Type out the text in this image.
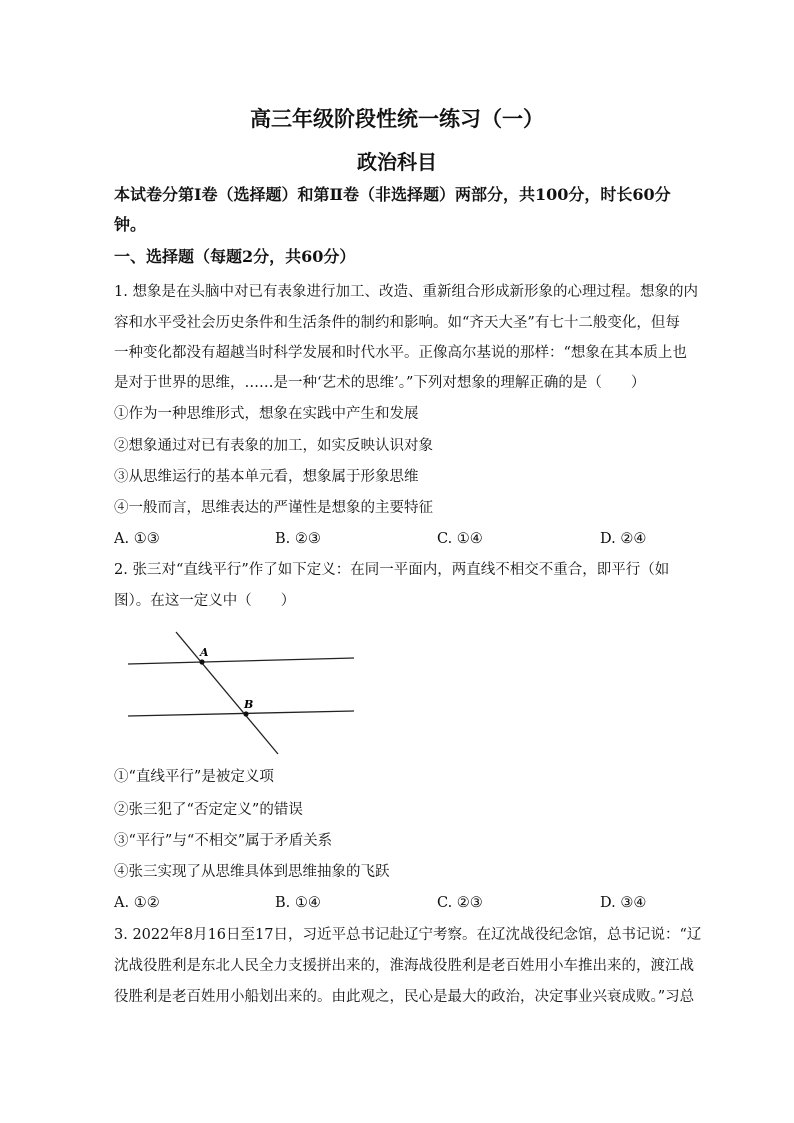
高三年级阶段性统一练习（一）
政治科目
本试卷分第Ⅰ卷（选择题）和第Ⅱ卷（非选择题）两部分，共100分，时长60分
钟。
一、选择题（每题2分，共60分）
1. 想象是在头脑中对已有表象进行加工、改造、重新组合形成新形象的心理过程。想象的内
容和水平受社会历史条件和生活条件的制约和影响。如“齐天大圣”有七十二般变化，但每
一种变化都没有超越当时科学发展和时代水平。正像高尔基说的那样：“想象在其本质上也
是对于世界的思维，……是一种‘艺术的思维’。”下列对想象的理解正确的是（　　）
①作为一种思维形式，想象在实践中产生和发展
②想象通过对已有表象的加工，如实反映认识对象
③从思维运行的基本单元看，想象属于形象思维
④一般而言，思维表达的严谨性是想象的主要特征
A. ①③	B. ②③	C. ①④	D. ②④
2. 张三对“直线平行”作了如下定义：在同一平面内，两直线不相交不重合，即平行（如
图）。在这一定义中（　　）
A
B
①“直线平行”是被定义项
②张三犯了“否定定义”的错误
③“平行”与“不相交”属于矛盾关系
④张三实现了从思维具体到思维抽象的飞跃
A. ①②	B. ①④	C. ②③	D. ③④
3. 2022年8月16日至17日，习近平总书记赴辽宁考察。在辽沈战役纪念馆，总书记说：“辽
沈战役胜利是东北人民全力支援拼出来的，淮海战役胜利是老百姓用小车推出来的，渡江战
役胜利是老百姓用小船划出来的。由此观之，民心是最大的政治，决定事业兴衰成败。”习总
